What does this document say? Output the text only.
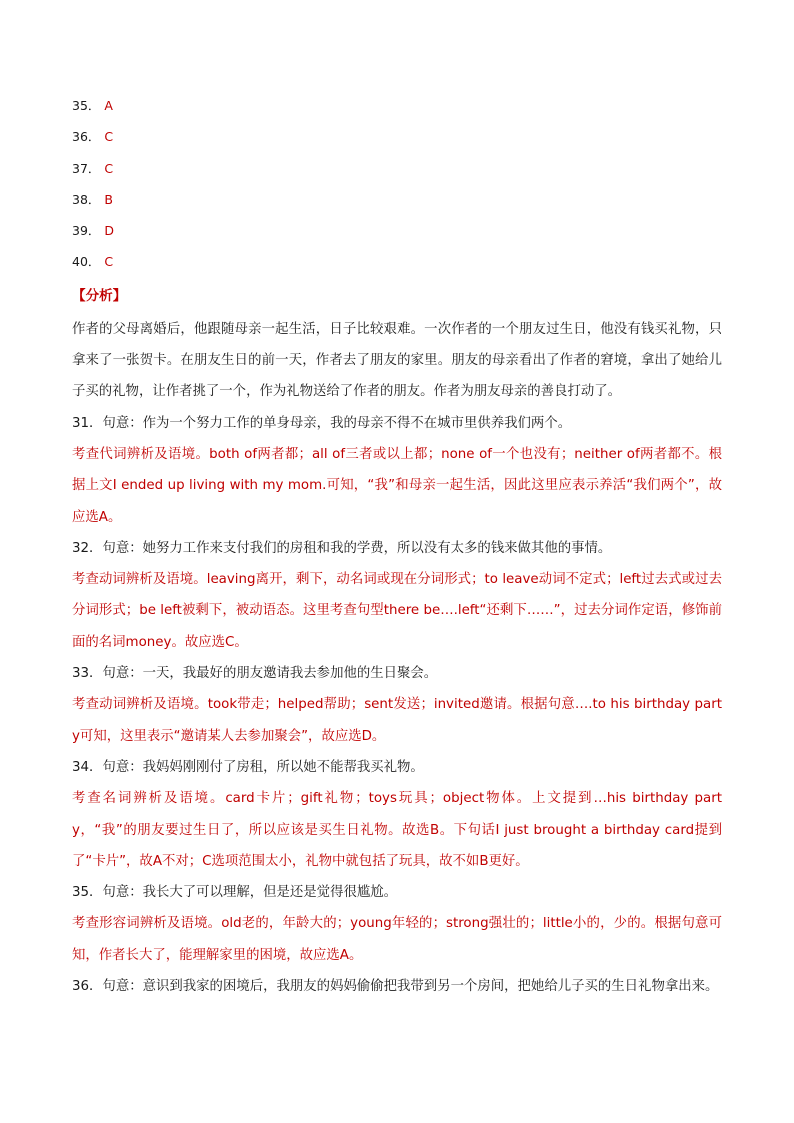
35． A
36． C
37． C
38． B
39． D
40． C
【分析】
作者的父母离婚后，他跟随母亲一起生活，日子比较艰难。一次作者的一个朋友过生日，他没有钱买礼物，只拿来了一张贺卡。在朋友生日的前一天，作者去了朋友的家里。朋友的母亲看出了作者的窘境，拿出了她给儿子买的礼物，让作者挑了一个，作为礼物送给了作者的朋友。作者为朋友母亲的善良打动了。
31．句意：作为一个努力工作的单身母亲，我的母亲不得不在城市里供养我们两个。
考查代词辨析及语境。both of两者都；all of三者或以上都；none of一个也没有；neither of两者都不。根据上文I ended up living with my mom.可知，“我”和母亲一起生活，因此这里应表示养活“我们两个”，故应选A。
32．句意：她努力工作来支付我们的房租和我的学费，所以没有太多的钱来做其他的事情。
考查动词辨析及语境。leaving离开，剩下，动名词或现在分词形式；to leave动词不定式；left过去式或过去分词形式；be left被剩下，被动语态。这里考查句型there be….left“还剩下……”，过去分词作定语，修饰前面的名词money。故应选C。
33．句意：一天，我最好的朋友邀请我去参加他的生日聚会。
考查动词辨析及语境。took带走；helped帮助；sent发送；invited邀请。根据句意….to his birthday party可知，这里表示“邀请某人去参加聚会”，故应选D。
34．句意：我妈妈刚刚付了房租，所以她不能帮我买礼物。
考查名词辨析及语境。card卡片；gift礼物；toys玩具；object物体。上文提到…his birthday party，“我”的朋友要过生日了，所以应该是买生日礼物。故选B。下句话I just brought a birthday card提到了“卡片”，故A不对；C选项范围太小，礼物中就包括了玩具，故不如B更好。
35．句意：我长大了可以理解，但是还是觉得很尴尬。
考查形容词辨析及语境。old老的，年龄大的；young年轻的；strong强壮的；little小的，少的。根据句意可知，作者长大了，能理解家里的困境，故应选A。
36．句意：意识到我家的困境后，我朋友的妈妈偷偷把我带到另一个房间，把她给儿子买的生日礼物拿出来。
